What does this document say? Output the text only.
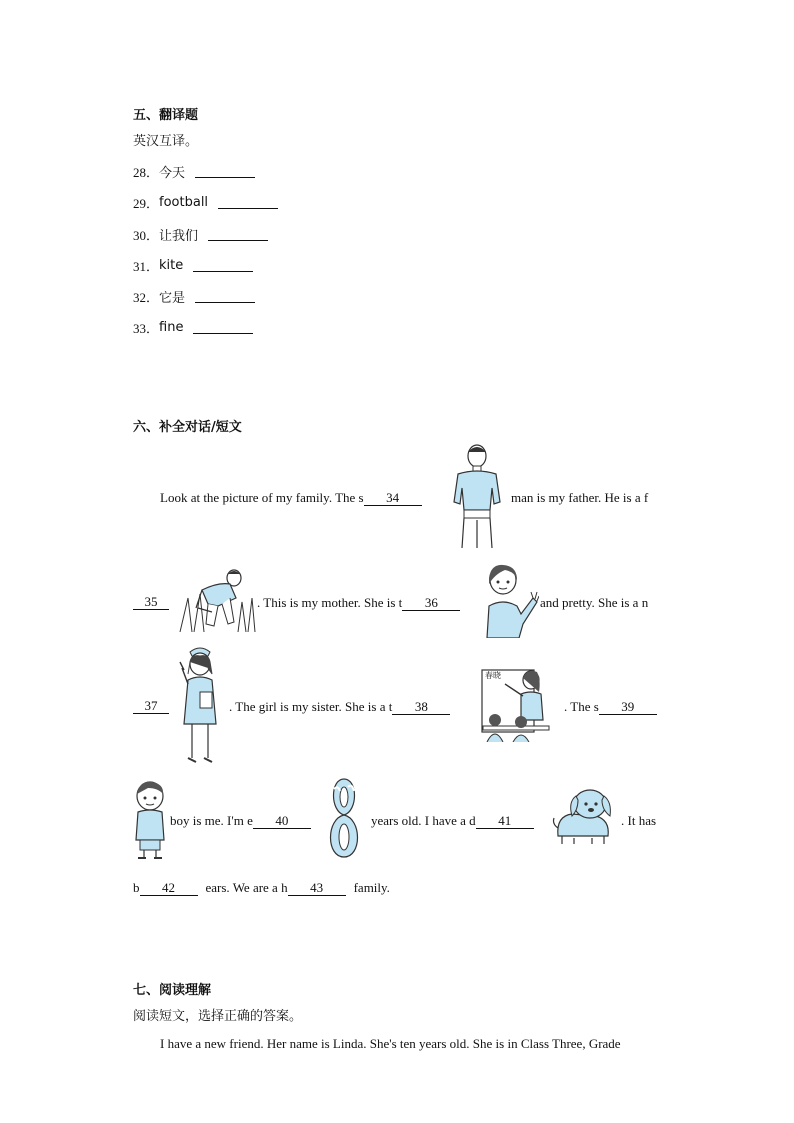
五、翻译题
英汉互译。
28． 今天
29． football
30． 让我们
31． kite
32． 它是
33． fine
六、补全对话/短文
Look at the picture of my family. The s	34	man is my father. He is a f
35	. This is my mother. She is t	36	and pretty. She is a n
37	. The girl is my sister. She is a t	38
春晓
. The s	39
boy is me. I'm e	40	years old. I have a d	41	. It has
b	42	ears. We are a h	43	family.
七、阅读理解
阅读短文，选择正确的答案。
I have a new friend. Her name is Linda. She's ten years old. She is in Class Three, Grade
